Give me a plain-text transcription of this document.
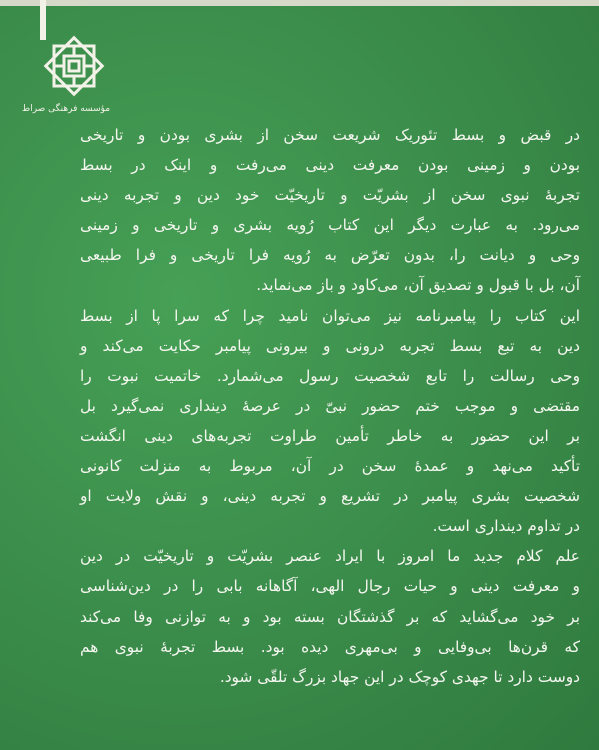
مؤسسه فرهنگی صراط
در قبض و بسط تئوریک شریعت سخن از بشری بودن و تاریخی
بودن و زمینی بودن معرفت دینی می‌رفت و اینک در بسط
تجربهٔ نبوی سخن از بشریّت و تاریخیّت خود دین و تجربه دینی
می‌رود. به عبارت دیگر این کتاب رُویه بشری و تاریخی و زمینی
وحی و دیانت را، بدون تعرّض به رُویه فرا تاریخی و فرا طبیعی
آن، بل با قبول و تصدیق آن، می‌کاود و باز می‌نماید.
این کتاب را پیامبرنامه نیز می‌توان نامید چرا که سرا پا از بسط
دین به تبع بسط تجربه درونی و بیرونی پیامبر حکایت می‌کند و
وحی رسالت را تابع شخصیت رسول می‌شمارد. خاتمیت نبوت را
مقتضی و موجب ختم حضور نبیّ در عرصهٔ دینداری نمی‌گیرد بل
بر این حضور به خاطر تأمین طراوت تجربه‌های دینی انگشت
تأکید می‌نهد و عمدهٔ سخن در آن، مربوط به منزلت کانونی
شخصیت بشری پیامبر در تشریع و تجربه دینی، و نقش ولایت او
در تداوم دینداری است.
علم کلام جدید ما امروز با ایراد عنصر بشریّت و تاریخیّت در دین
و معرفت دینی و حیات رجال الهی، آگاهانه بابی را در دین‌شناسی
بر خود می‌گشاید که بر گذشتگان بسته بود و به توازنی وفا می‌کند
که قرن‌ها بی‌وفایی و بی‌مهری دیده بود. بسط تجربهٔ نبوی هم
دوست دارد تا جهدی کوچک در این جهاد بزرگ تلقّی شود.
